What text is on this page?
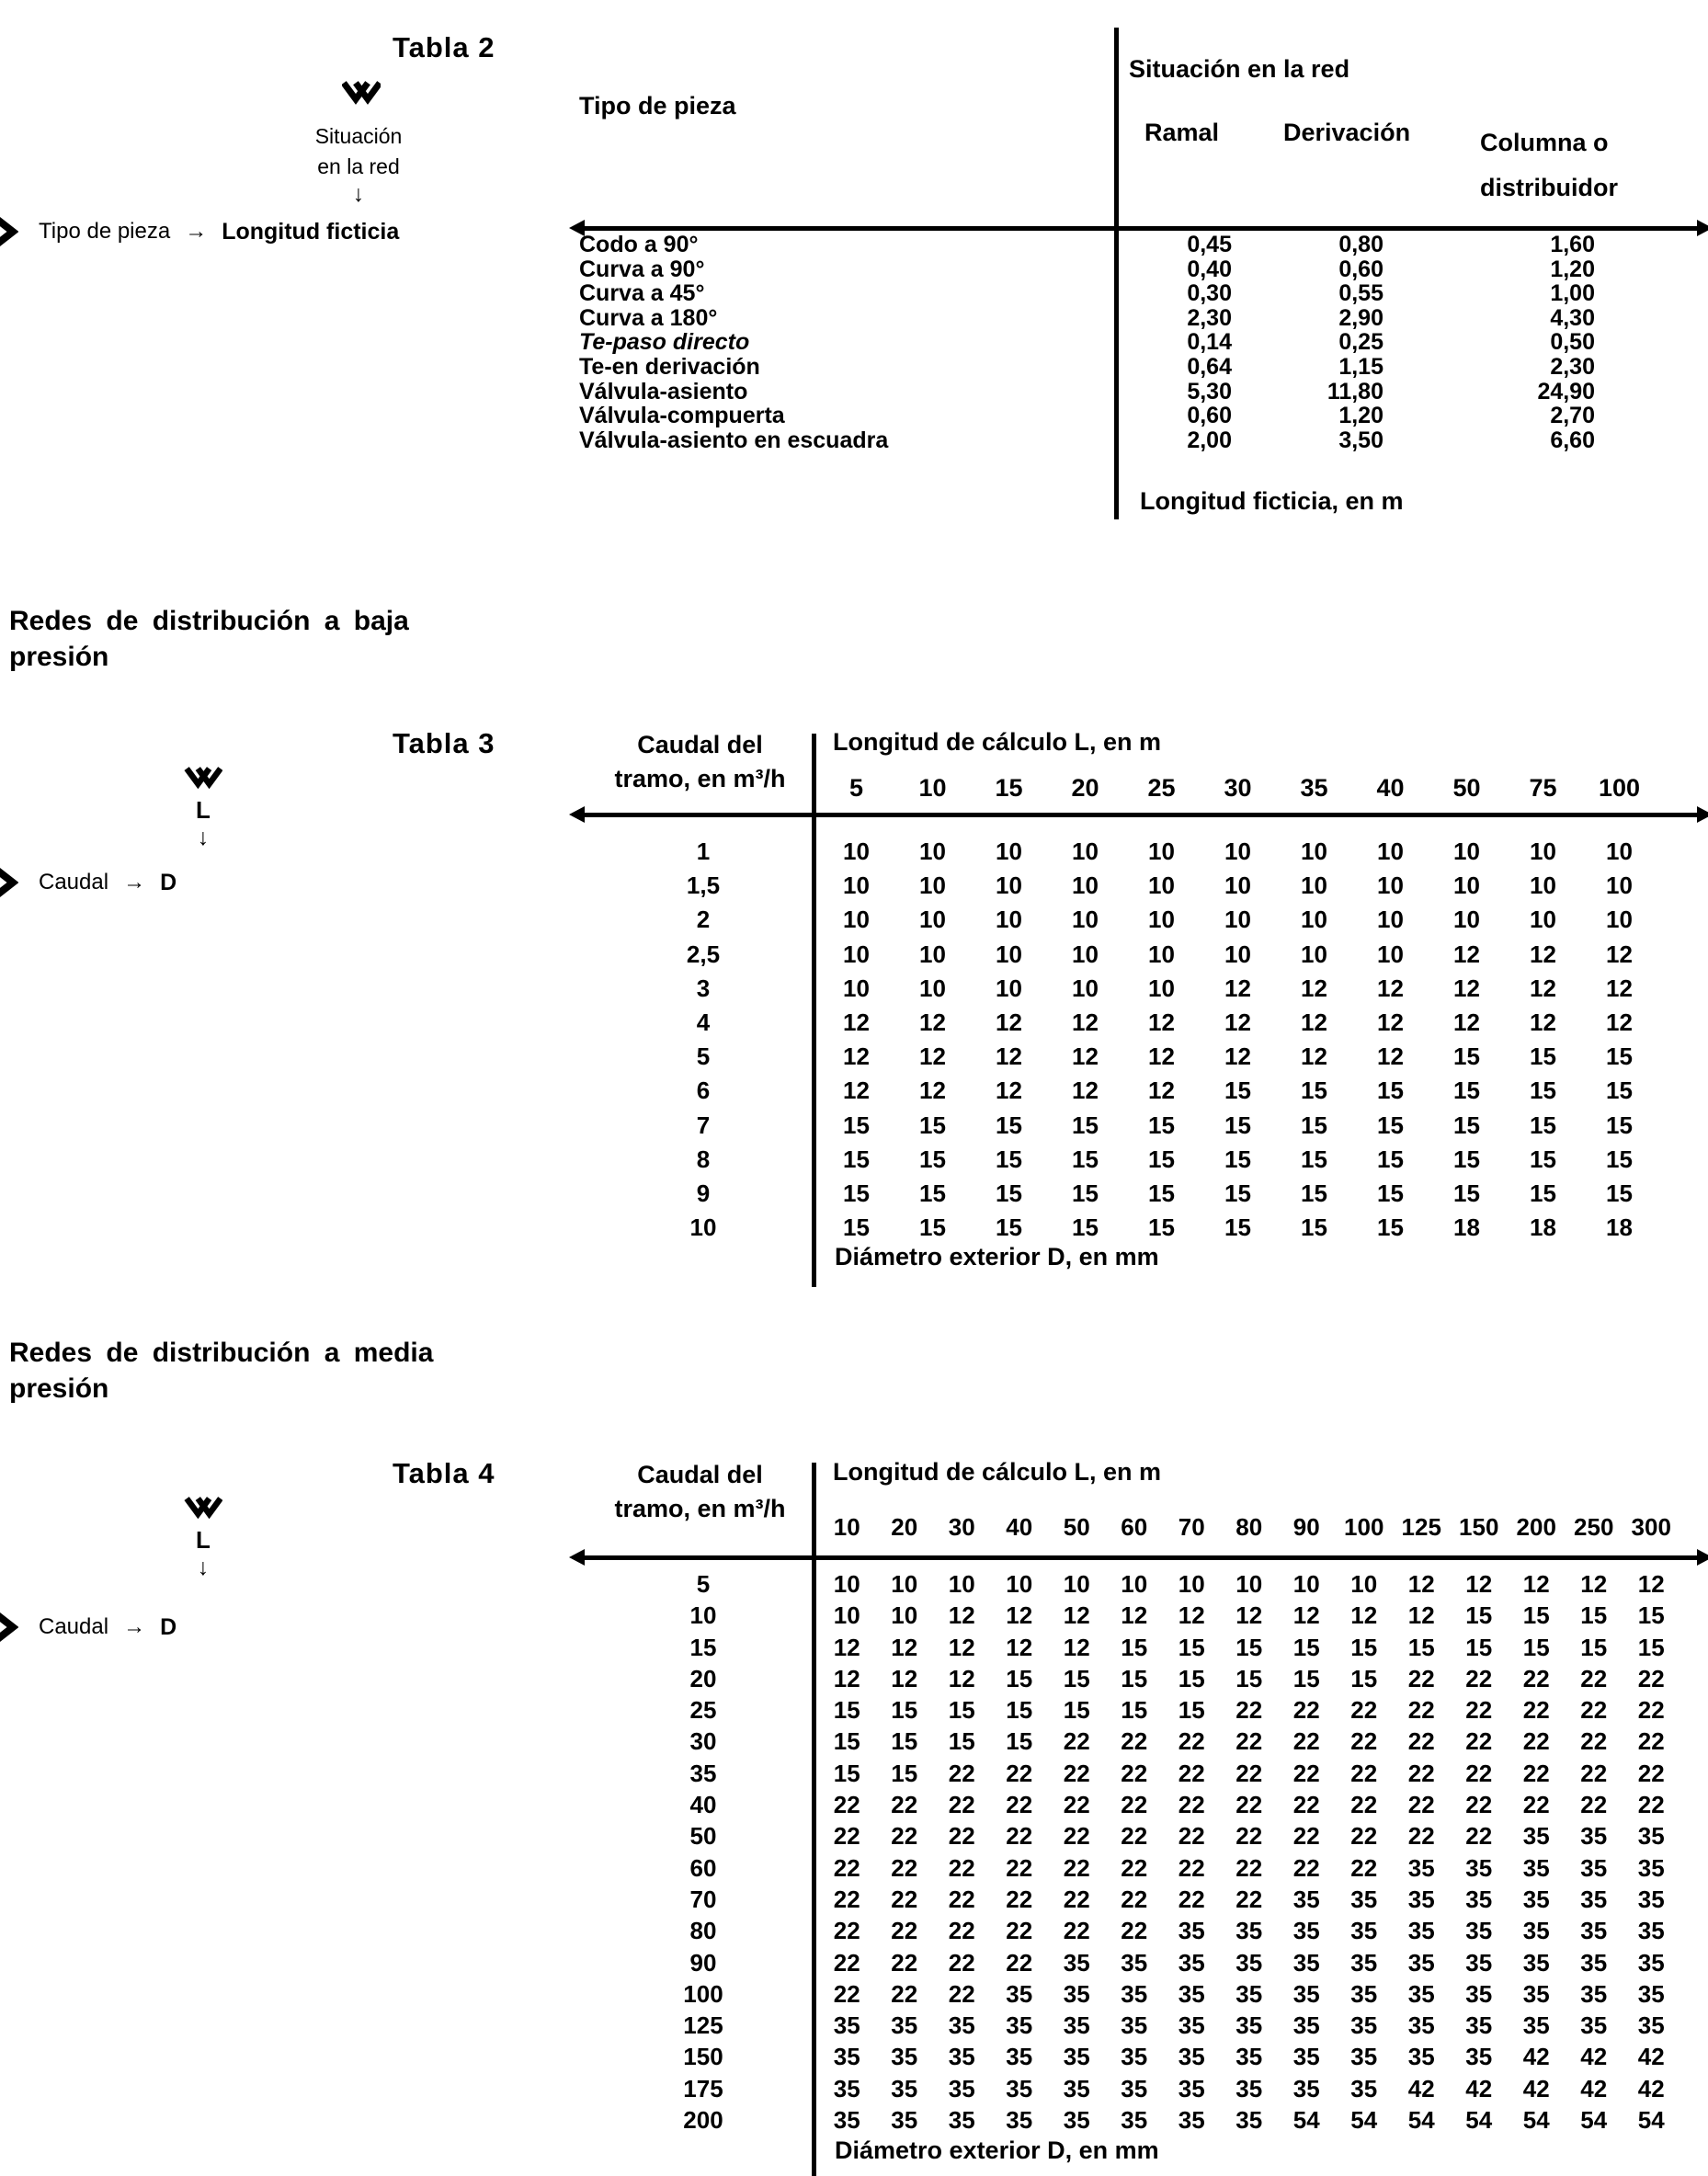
Tabla 2
Situación
en la red
↓
Tipo de pieza → Longitud ficticia
Tipo de pieza
Situación en la red
Ramal	Derivación	Columna o
distribuidor
Codo a 90°	0,45	0,80	1,60
Curva a 90°	0,40	0,60	1,20
Curva a 45°	0,30	0,55	1,00
Curva a 180°	2,30	2,90	4,30
Te-paso directo	0,14	0,25	0,50
Te-en derivación	0,64	1,15	2,30
Válvula-asiento	5,30	11,80	24,90
Válvula-compuerta	0,60	1,20	2,70
Válvula-asiento en escuadra	2,00	3,50	6,60
Longitud ficticia, en m
Redes de distribución a baja
presión
Tabla 3
L
↓
Caudal → D
Caudal del
tramo, en m³/h
Longitud de cálculo L, en m
5	10	15	20	25	30	35	40	50	75	100
1	10	10	10	10	10	10	10	10	10	10	10
1,5	10	10	10	10	10	10	10	10	10	10	10
2	10	10	10	10	10	10	10	10	10	10	10
2,5	10	10	10	10	10	10	10	10	12	12	12
3	10	10	10	10	10	12	12	12	12	12	12
4	12	12	12	12	12	12	12	12	12	12	12
5	12	12	12	12	12	12	12	12	15	15	15
6	12	12	12	12	12	15	15	15	15	15	15
7	15	15	15	15	15	15	15	15	15	15	15
8	15	15	15	15	15	15	15	15	15	15	15
9	15	15	15	15	15	15	15	15	15	15	15
10	15	15	15	15	15	15	15	15	18	18	18
Diámetro exterior D, en mm
Redes de distribución a media
presión
Tabla 4
L
↓
Caudal → D
Caudal del
tramo, en m³/h
Longitud de cálculo L, en m
10	20	30	40	50	60	70	80	90	100 125 150 200 250 300
5	10	10	10	10	10	10	10	10	10	10	12	12	12	12	12
10	10	10	12	12	12	12	12	12	12	12	12	15	15	15	15
15	12	12	12	12	12	15	15	15	15	15	15	15	15	15	15
20	12	12	12	15	15	15	15	15	15	15	22	22	22	22	22
25	15	15	15	15	15	15	15	22	22	22	22	22	22	22	22
30	15	15	15	15	22	22	22	22	22	22	22	22	22	22	22
35	15	15	22	22	22	22	22	22	22	22	22	22	22	22	22
40	22	22	22	22	22	22	22	22	22	22	22	22	22	22	22
50	22	22	22	22	22	22	22	22	22	22	22	22	35	35	35
60	22	22	22	22	22	22	22	22	22	22	35	35	35	35	35
70	22	22	22	22	22	22	22	22	35	35	35	35	35	35	35
80	22	22	22	22	22	22	35	35	35	35	35	35	35	35	35
90	22	22	22	22	35	35	35	35	35	35	35	35	35	35	35
100	22	22	22	35	35	35	35	35	35	35	35	35	35	35	35
125	35	35	35	35	35	35	35	35	35	35	35	35	35	35	35
150	35	35	35	35	35	35	35	35	35	35	35	35	42	42	42
175	35	35	35	35	35	35	35	35	35	35	42	42	42	42	42
200	35	35	35	35	35	35	35	35	54	54	54	54	54	54	54
Diámetro exterior D, en mm
